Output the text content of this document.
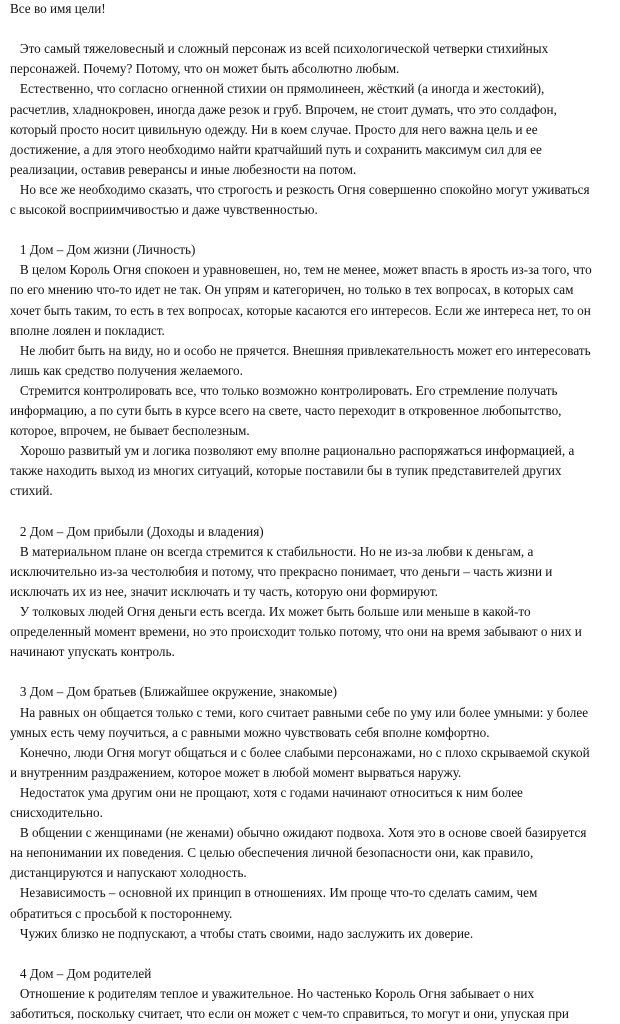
Все во имя цели!
Это самый тяжеловесный и сложный персонаж из всей психологической четверки стихийных
персонажей. Почему? Потому, что он может быть абсолютно любым.
Естественно, что согласно огненной стихии он прямолинеен, жёсткий (а иногда и жестокий),
расчетлив, хладнокровен, иногда даже резок и груб. Впрочем, не стоит думать, что это солдафон,
который просто носит цивильную одежду. Ни в коем случае. Просто для него важна цель и ее
достижение, а для этого необходимо найти кратчайший путь и сохранить максимум сил для ее
реализации, оставив реверансы и иные любезности на потом.
Но все же необходимо сказать, что строгость и резкость Огня совершенно спокойно могут уживаться
с высокой восприимчивостью и даже чувственностью.
1 Дом – Дом жизни (Личность)
В целом Король Огня спокоен и уравновешен, но, тем не менее, может впасть в ярость из-за того, что
по его мнению что-то идет не так. Он упрям и категоричен, но только в тех вопросах, в которых сам
хочет быть таким, то есть в тех вопросах, которые касаются его интересов. Если же интереса нет, то он
вполне лоялен и покладист.
Не любит быть на виду, но и особо не прячется. Внешняя привлекательность может его интересовать
лишь как средство получения желаемого.
Стремится контролировать все, что только возможно контролировать. Его стремление получать
информацию, а по сути быть в курсе всего на свете, часто переходит в откровенное любопытство,
которое, впрочем, не бывает бесполезным.
Хорошо развитый ум и логика позволяют ему вполне рационально распоряжаться информацией, а
также находить выход из многих ситуаций, которые поставили бы в тупик представителей других
стихий.
2 Дом – Дом прибыли (Доходы и владения)
В материальном плане он всегда стремится к стабильности. Но не из-за любви к деньгам, а
исключительно из-за честолюбия и потому, что прекрасно понимает, что деньги – часть жизни и
исключать их из нее, значит исключать и ту часть, которую они формируют.
У толковых людей Огня деньги есть всегда. Их может быть больше или меньше в какой-то
определенный момент времени, но это происходит только потому, что они на время забывают о них и
начинают упускать контроль.
3 Дом – Дом братьев (Ближайшее окружение, знакомые)
На равных он общается только с теми, кого считает равными себе по уму или более умными: у более
умных есть чему поучиться, а с равными можно чувствовать себя вполне комфортно.
Конечно, люди Огня могут общаться и с более слабыми персонажами, но с плохо скрываемой скукой
и внутренним раздражением, которое может в любой момент вырваться наружу.
Недостаток ума другим они не прощают, хотя с годами начинают относиться к ним более
снисходительно.
В общении с женщинами (не женами) обычно ожидают подвоха. Хотя это в основе своей базируется
на непонимании их поведения. С целью обеспечения личной безопасности они, как правило,
дистанцируются и напускают холодность.
Независимость – основной их принцип в отношениях. Им проще что-то сделать самим, чем
обратиться с просьбой к постороннему.
Чужих близко не подпускают, а чтобы стать своими, надо заслужить их доверие.
4 Дом – Дом родителей
Отношение к родителям теплое и уважительное. Но частенько Король Огня забывает о них
заботиться, поскольку считает, что если он может с чем-то справиться, то могут и они, упуская при
